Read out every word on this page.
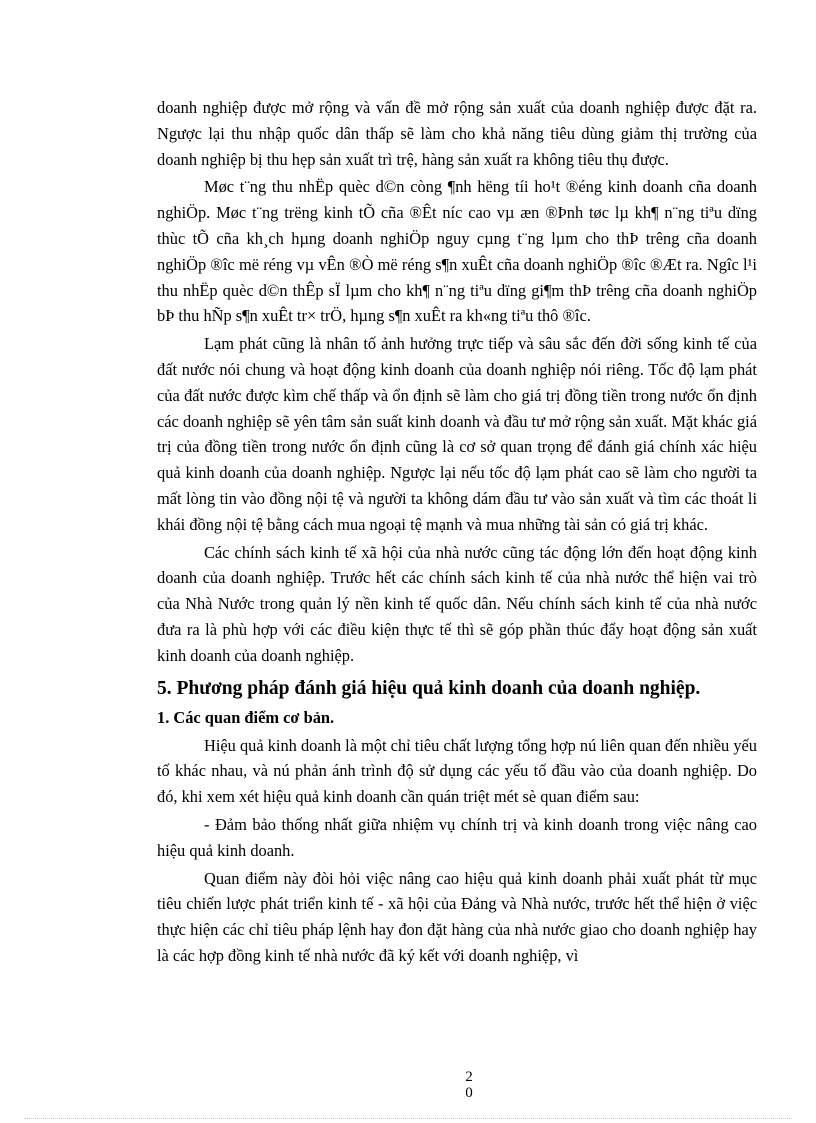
doanh nghiệp được mở rộng và vấn đề mở rộng sản xuất của doanh nghiệp được đặt ra. Ngược lại thu nhập quốc dân thấp sẽ làm cho khả năng tiêu dùng giảm thị trường của doanh nghiệp bị thu hẹp sản xuất trì trệ, hàng sản xuất ra không tiêu thụ được.

Møc t¨ng thu nhËp quèc d©n còng ¶nh hëng tíi ho¹t ®éng kinh doanh cña doanh nghiÖp. Møc t¨ng trëng kinh tÕ cña ®Êt níc cao vµ æn ®Þnh tøc lµ kh¶ n¨ng tiªu dïng thùc tÕ cña kh¸ch hµng doanh nghiÖp nguy cµng t¨ng lµm cho thÞ trêng cña doanh nghiÖp ®îc më réng vµ vÊn ®Ò më réng s¶n xuÊt cña doanh nghiÖp ®îc ®Æt ra. Ngîc l¹i thu nhËp quèc d©n thÊp sÏ lµm cho kh¶ n¨ng tiªu dïng gi¶m thÞ trêng cña doanh nghiÖp bÞ thu hÑp s¶n xuÊt tr× trÖ, hµng s¶n xuÊt ra kh«ng tiªu thô ®îc.

Lạm phát cũng là nhân tố ảnh hưởng trực tiếp và sâu sắc đến đời sống kinh tế của đất nước nói chung và hoạt động kinh doanh của doanh nghiệp nói riêng. Tốc độ lạm phát của đất nước được kìm chế thấp và ổn định sẽ làm cho giá trị đồng tiền trong nước ổn định các doanh nghiệp sẽ yên tâm sản suất kinh doanh và đầu tư mở rộng sản xuất. Mặt khác giá trị của đồng tiền trong nước ổn định cũng là cơ sở quan trọng để đánh giá chính xác hiệu quả kinh doanh của doanh nghiệp. Ngược lại nếu tốc độ lạm phát cao sẽ làm cho người ta mất lòng tin vào đồng nội tệ và người ta không dám đầu tư vào sản xuất và tìm các thoát li khái đồng nội tệ bằng cách mua ngoại tệ mạnh và mua những tài sản có giá trị khác.

Các chính sách kinh tế xã hội của nhà nước cũng tác động lớn đến hoạt động kinh doanh của doanh nghiệp. Trước hết các chính sách kinh tế của nhà nước thể hiện vai trò của Nhà Nước trong quản lý nền kinh tế quốc dân. Nếu chính sách kinh tế của nhà nước đưa ra là phù hợp với các điều kiện thực tế thì sẽ góp phần thúc đẩy hoạt động sản xuất kinh doanh của doanh nghiệp.

5. Phương pháp đánh giá hiệu quả kinh doanh của doanh nghiệp.
1. Các quan điểm cơ bản.

Hiệu quả kinh doanh là một chỉ tiêu chất lượng tổng hợp nú liên quan đến nhiều yếu tố khác nhau, và nú phản ánh trình độ sử dụng các yếu tố đầu vào của doanh nghiệp. Do đó, khi xem xét hiệu quả kinh doanh cần quán triệt mét sè quan điểm sau:

- Đảm bảo thống nhất giữa nhiệm vụ chính trị và kinh doanh trong việc nâng cao hiệu quả kinh doanh.

Quan điểm này đòi hỏi việc nâng cao hiệu quả kinh doanh phải xuất phát từ mục tiêu chiến lược phát triển kinh tế - xã hội của Đảng và Nhà nước, trước hết thể hiện ở việc thực hiện các chỉ tiêu pháp lệnh hay đon đặt hàng của nhà nước giao cho doanh nghiệp hay là các hợp đồng kinh tế nhà nước đã ký kết với doanh nghiệp, vì

2
0
